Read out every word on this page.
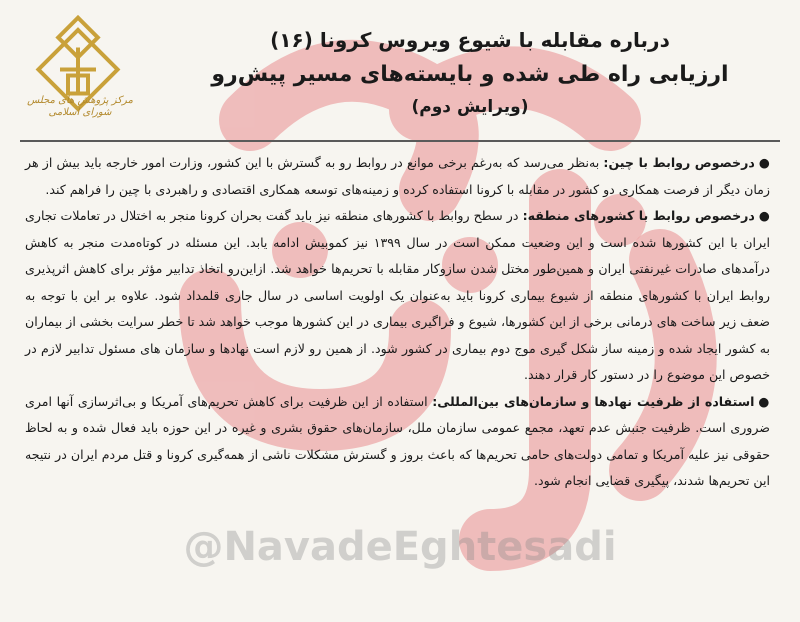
@NavadeEghtesadi
مرکز پژوهش های مجلس شورای اسلامی
درباره مقابله با شیوع ویروس کرونا (۱۶)
ارزیابی راه طی شده و بایسته‌های مسیر پیش‌رو
(ویرایش دوم)

●درخصوص روابط با چین: به‌نظر می‌رسد که به‌رغم برخی موانع در روابط رو به گسترش با این کشور، وزارت امور خارجه باید بیش از هر زمان دیگر از فرصت همکاری دو کشور در مقابله با کرونا استفاده کرده و زمینه‌های توسعه همکاری اقتصادی و راهبردی با چین را فراهم کند.

●درخصوص روابط با کشورهای منطقه: در سطح روابط با کشورهای منطقه نیز باید گفت بحران کرونا منجر به اختلال در تعاملات تجاری ایران با این کشورها شده است و این وضعیت ممکن است در سال ۱۳۹۹ نیز کموبیش ادامه یابد. این مسئله در کوتاه‌مدت منجر به کاهش درآمدهای صادرات غیرنفتی ایران و همین‌طور مختل شدن سازوکار مقابله با تحریم‌ها خواهد شد. ازاین‌رو اتخاذ تدابیر مؤثر برای کاهش اثرپذیری روابط ایران با کشورهای منطقه از شیوع بیماری کرونا باید به‌عنوان یک اولویت اساسی در سال جاری قلمداد شود. علاوه بر این با توجه به ضعف زیر ساخت های درمانی برخی از این کشورها، شیوع و فراگیری بیماری در این کشورها موجب خواهد شد تا خطر سرایت بخشی از بیماران به کشور ایجاد شده و زمینه ساز شکل گیری موج دوم بیماری در کشور شود. از همین رو لازم است نهادها و سازمان های مسئول تدابیر لازم در خصوص این موضوع را در دستور کار قرار دهند.

●استفاده از ظرفیت نهادها و سازمان‌های بین‌المللی: استفاده از این ظرفیت برای کاهش تحریم‌های آمریکا و بی‌اثرسازی آنها امری ضروری است. ظرفیت جنبش عدم تعهد، مجمع عمومی سازمان ملل، سازمان‌های حقوق بشری و غیره در این حوزه باید فعال شده و به لحاظ حقوقی نیز علیه آمریکا و تمامی دولت‌های حامی تحریم‌ها که باعث بروز و گسترش مشکلات ناشی از همه‌گیری کرونا و قتل مردم ایران در نتیجه این تحریم‌ها شدند، پیگیری قضایی انجام شود.
